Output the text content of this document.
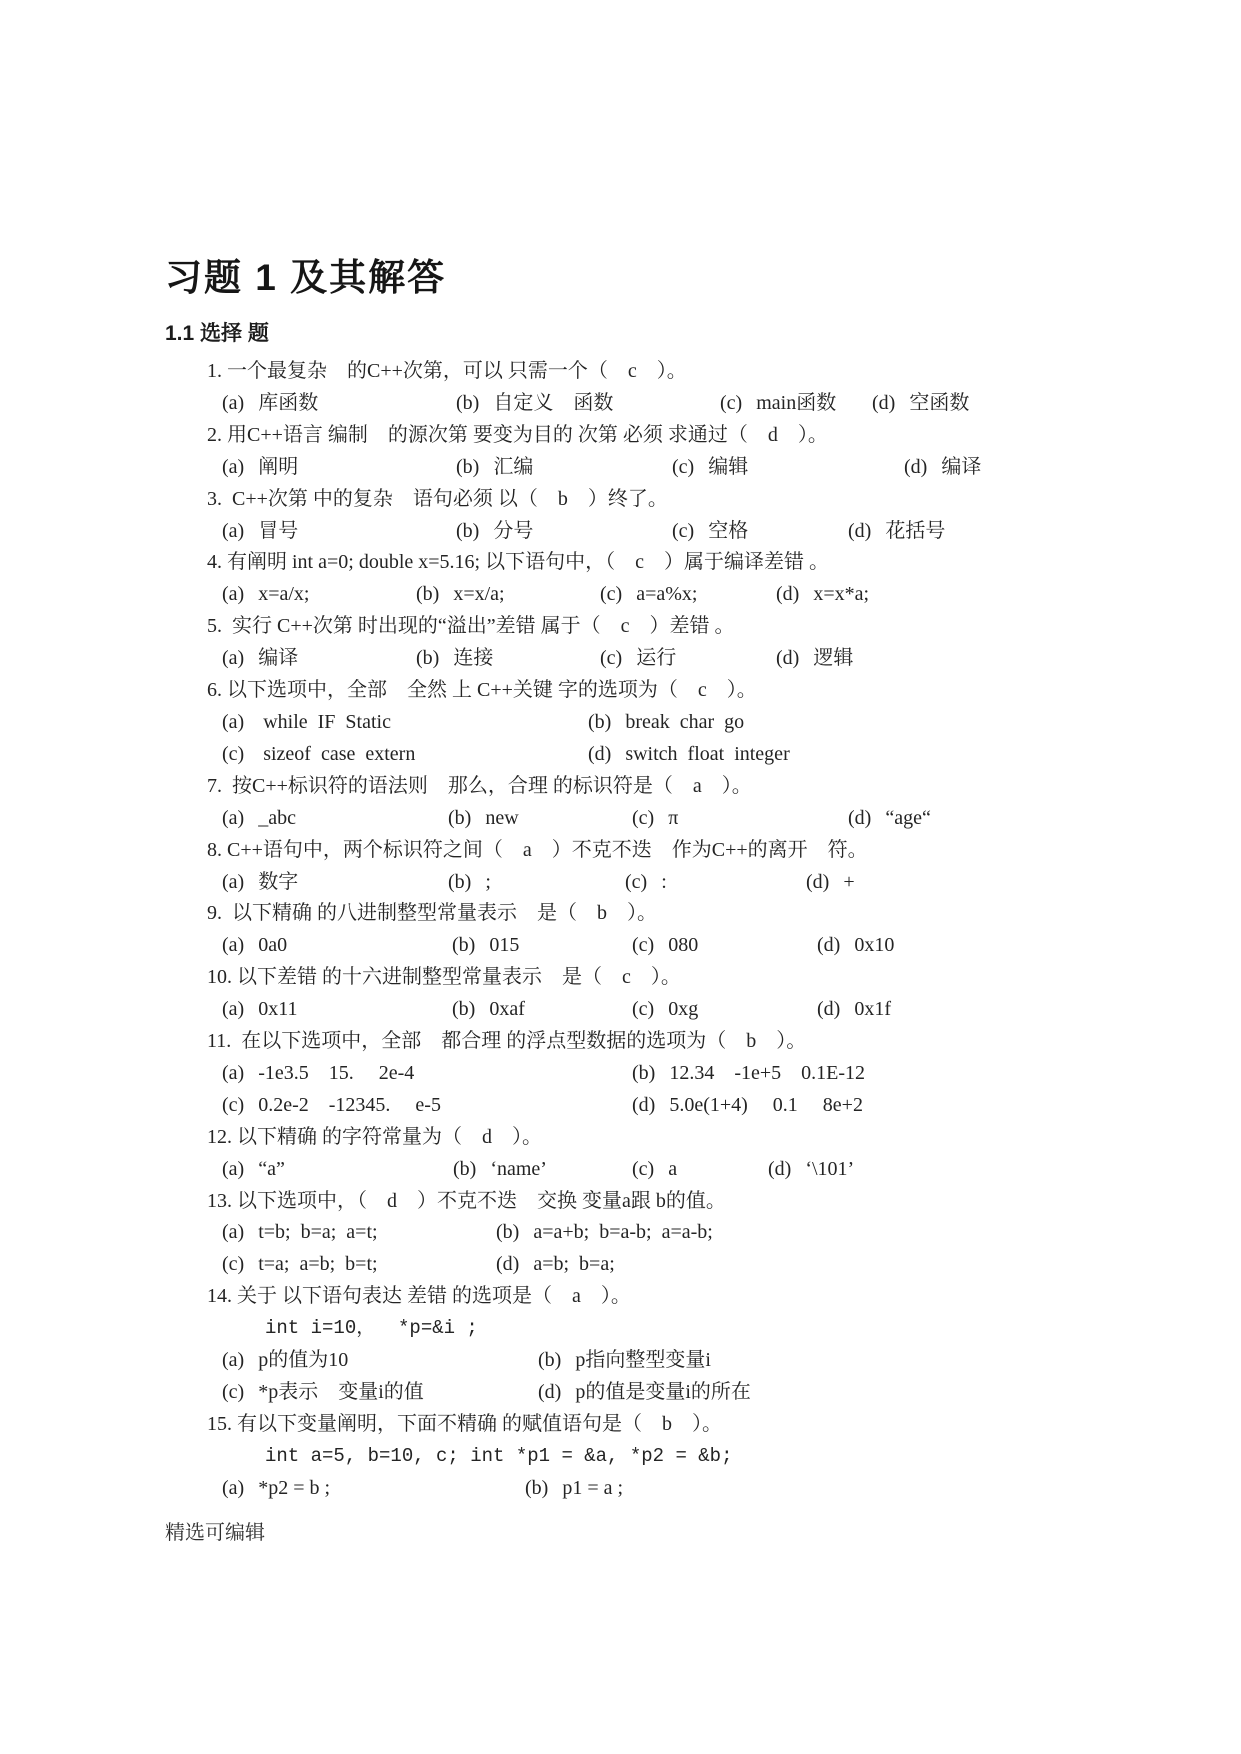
习题 1 及其解答
1.1 选择 题
1. 一个最复杂　的C++次第，可以 只需一个（　c　）。
(a) 库函数	(b) 自定义　函数	(c) main函数	(d) 空函数
2. 用C++语言 编制　的源次第 要变为目的 次第 必须 求通过（　d　）。
(a) 阐明	(b) 汇编	(c) 编辑	(d) 编译
3.  C++次第 中的复杂　语句必须 以（　b　）终了。
(a) 冒号	(b) 分号	(c) 空格	(d) 花括号
4. 有阐明 int a=0; double x=5.16; 以下语句中，（　c　）属于编译差错 。
(a) x=a/x;	(b) x=x/a;	(c) a=a%x;	(d) x=x*a;
5.  实行 C++次第 时出现的“溢出”差错 属于（　c　）差错 。
(a) 编译	(b) 连接	(c) 运行	(d) 逻辑
6. 以下选项中，全部　全然 上 C++关键 字的选项为（　c　）。
(a) while  IF  Static	(b) break  char  go
(c) sizeof  case  extern	(d) switch  float  integer
7.  按C++标识符的语法则　那么，合理 的标识符是（　a　）。
(a) _abc	(b) new	(c) π	(d) “age“
8. C++语句中，两个标识符之间（　a　）不克不迭　作为C++的离开　符。
(a) 数字	(b) ;	(c) :	(d) +
9.  以下精确 的八进制整型常量表示　是（　b　）。
(a) 0a0	(b) 015	(c) 080	(d) 0x10
10. 以下差错 的十六进制整型常量表示　是（　c　）。
(a) 0x11	(b) 0xaf	(c) 0xg	(d) 0x1f
11.  在以下选项中，全部　都合理 的浮点型数据的选项为（　b　）。
(a) -1e3.5    15.     2e-4	(b) 12.34    -1e+5    0.1E-12
(c) 0.2e-2    -12345.     e-5	(d) 5.0e(1+4)     0.1     8e+2
12. 以下精确 的字符常量为（　d　）。
(a) “a”	(b) ‘name’	(c) a	(d) ‘\101’
13. 以下选项中，（　d　）不克不迭　交换 变量a跟 b的值。
(a) t=b;  b=a;  a=t;	(b) a=a+b;  b=a-b;  a=a-b;
(c) t=a;  a=b;  b=t;	(d) a=b;  b=a;
14. 关于 以下语句表达 差错 的选项是（　a　）。
int i=10，  *p=&i ;
(a) p的值为10	(b) p指向整型变量i
(c) *p表示　变量i的值	(d) p的值是变量i的所在
15. 有以下变量阐明，下面不精确 的赋值语句是（　b　）。
int a=5, b=10, c; int *p1 = &a, *p2 = &b;
(a) *p2 = b ;	(b) p1 = a ;
精选可编辑
